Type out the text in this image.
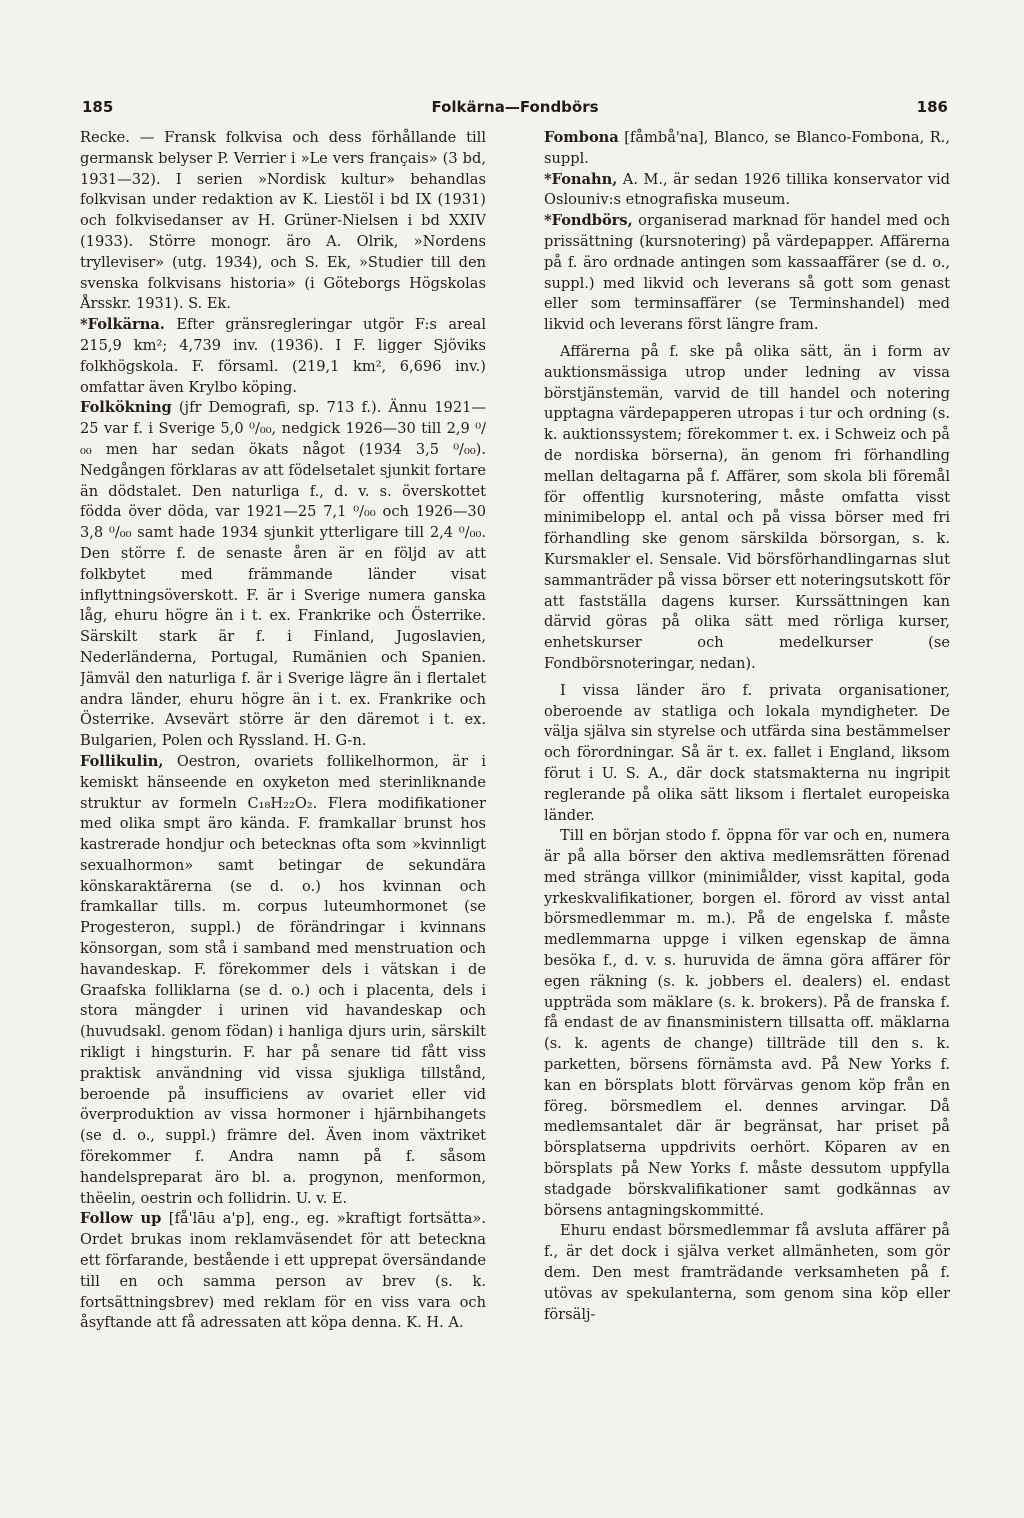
185	Folkärna—Fondbörs	186

Recke. — Fransk folkvisa och dess förhållande till germansk belyser P. Verrier i »Le vers français» (3 bd, 1931—32). I serien »Nordisk kultur» behandlas folkvisan under redaktion av K. Liestöl i bd IX (1931) och folkvisedanser av H. Grüner-Nielsen i bd XXIV (1933). Större monogr. äro A. Olrik, »Nordens trylleviser» (utg. 1934), och S. Ek, »Studier till den svenska folkvisans historia» (i Göteborgs Högskolas Årsskr. 1931). S. Ek.

*Folkärna. Efter gränsregleringar utgör F:s areal 215,9 km²; 4,739 inv. (1936). I F. ligger Sjöviks folkhögskola. F. församl. (219,1 km², 6,696 inv.) omfattar även Krylbo köping.

Folkökning (jfr Demografi, sp. 713 f.). Ännu 1921—25 var f. i Sverige 5,0 ⁰/₀₀, nedgick 1926—30 till 2,9 ⁰/₀₀ men har sedan ökats något (1934 3,5 ⁰/₀₀). Nedgången förklaras av att födelsetalet sjunkit fortare än dödstalet. Den naturliga f., d. v. s. överskottet födda över döda, var 1921—25 7,1 ⁰/₀₀ och 1926—30 3,8 ⁰/₀₀ samt hade 1934 sjunkit ytterligare till 2,4 ⁰/₀₀. Den större f. de senaste åren är en följd av att folkbytet med främmande länder visat inflyttningsöverskott. F. är i Sverige numera ganska låg, ehuru högre än i t. ex. Frankrike och Österrike. Särskilt stark är f. i Finland, Jugoslavien, Nederländerna, Portugal, Rumänien och Spanien. Jämväl den naturliga f. är i Sverige lägre än i flertalet andra länder, ehuru högre än i t. ex. Frankrike och Österrike. Avsevärt större är den däremot i t. ex. Bulgarien, Polen och Ryssland. H. G-n.

Follikulin, Oestron, ovariets follikelhormon, är i kemiskt hänseende en oxyketon med sterinliknande struktur av formeln C₁₈H₂₂O₂. Flera modifikationer med olika smpt äro kända. F. framkallar brunst hos kastrerade hondjur och betecknas ofta som »kvinnligt sexualhormon» samt betingar de sekundära könskaraktärerna (se d. o.) hos kvinnan och framkallar tills. m. corpus luteumhormonet (se Progesteron, suppl.) de förändringar i kvinnans könsorgan, som stå i samband med menstruation och havandeskap. F. förekommer dels i vätskan i de Graafska folliklarna (se d. o.) och i placenta, dels i stora mängder i urinen vid havandeskap och (huvudsakl. genom födan) i hanliga djurs urin, särskilt rikligt i hingsturin. F. har på senare tid fått viss praktisk användning vid vissa sjukliga tillstånd, beroende på insufficiens av ovariet eller vid överproduktion av vissa hormoner i hjärnbihangets (se d. o., suppl.) främre del. Även inom växtriket förekommer f. Andra namn på f. såsom handelspreparat äro bl. a. progynon, menformon, thëelin, oestrin och follidrin. U. v. E.

Follow up [få'lāu a'p], eng., eg. »kraftigt fortsätta». Ordet brukas inom reklamväsendet för att beteckna ett förfarande, bestående i ett upprepat översändande till en och samma person av brev (s. k. fortsättningsbrev) med reklam för en viss vara och åsyftande att få adressaten att köpa denna. K. H. A.

Fombona [fåmbå'na], Blanco, se Blanco-Fombona, R., suppl.

*Fonahn, A. M., är sedan 1926 tillika konservator vid Oslouniv:s etnografiska museum.

*Fondbörs, organiserad marknad för handel med och prissättning (kursnotering) på värdepapper. Affärerna på f. äro ordnade antingen som kassaaffärer (se d. o., suppl.) med likvid och leverans så gott som genast eller som terminsaffärer (se Terminshandel) med likvid och leverans först längre fram.

Affärerna på f. ske på olika sätt, än i form av auktionsmässiga utrop under ledning av vissa börstjänstemän, varvid de till handel och notering upptagna värdepapperen utropas i tur och ordning (s. k. auktionssystem; förekommer t. ex. i Schweiz och på de nordiska börserna), än genom fri förhandling mellan deltagarna på f. Affärer, som skola bli föremål för offentlig kursnotering, måste omfatta visst minimibelopp el. antal och på vissa börser med fri förhandling ske genom särskilda börsorgan, s. k. Kursmakler el. Sensale. Vid börsförhandlingarnas slut sammanträder på vissa börser ett noteringsutskott för att fastställa dagens kurser. Kurssättningen kan därvid göras på olika sätt med rörliga kurser, enhetskurser och medelkurser (se Fondbörsnoteringar, nedan).

I vissa länder äro f. privata organisationer, oberoende av statliga och lokala myndigheter. De välja själva sin styrelse och utfärda sina bestämmelser och förordningar. Så är t. ex. fallet i England, liksom förut i U. S. A., där dock statsmakterna nu ingripit reglerande på olika sätt liksom i flertalet europeiska länder.

Till en början stodo f. öppna för var och en, numera är på alla börser den aktiva medlemsrätten förenad med stränga villkor (minimiålder, visst kapital, goda yrkeskvalifikationer, borgen el. förord av visst antal börsmedlemmar m. m.). På de engelska f. måste medlemmarna uppge i vilken egenskap de ämna besöka f., d. v. s. huruvida de ämna göra affärer för egen räkning (s. k. jobbers el. dealers) el. endast uppträda som mäklare (s. k. brokers). På de franska f. få endast de av finansministern tillsatta off. mäklarna (s. k. agents de change) tillträde till den s. k. parketten, börsens förnämsta avd. På New Yorks f. kan en börsplats blott förvärvas genom köp från en föreg. börsmedlem el. dennes arvingar. Då medlemsantalet där är begränsat, har priset på börsplatserna uppdrivits oerhört. Köparen av en börsplats på New Yorks f. måste dessutom uppfylla stadgade börskvalifikationer samt godkännas av börsens antagningskommitté.

Ehuru endast börsmedlemmar få avsluta affärer på f., är det dock i själva verket allmänheten, som gör dem. Den mest framträdande verksamheten på f. utövas av spekulanterna, som genom sina köp eller försälj-
